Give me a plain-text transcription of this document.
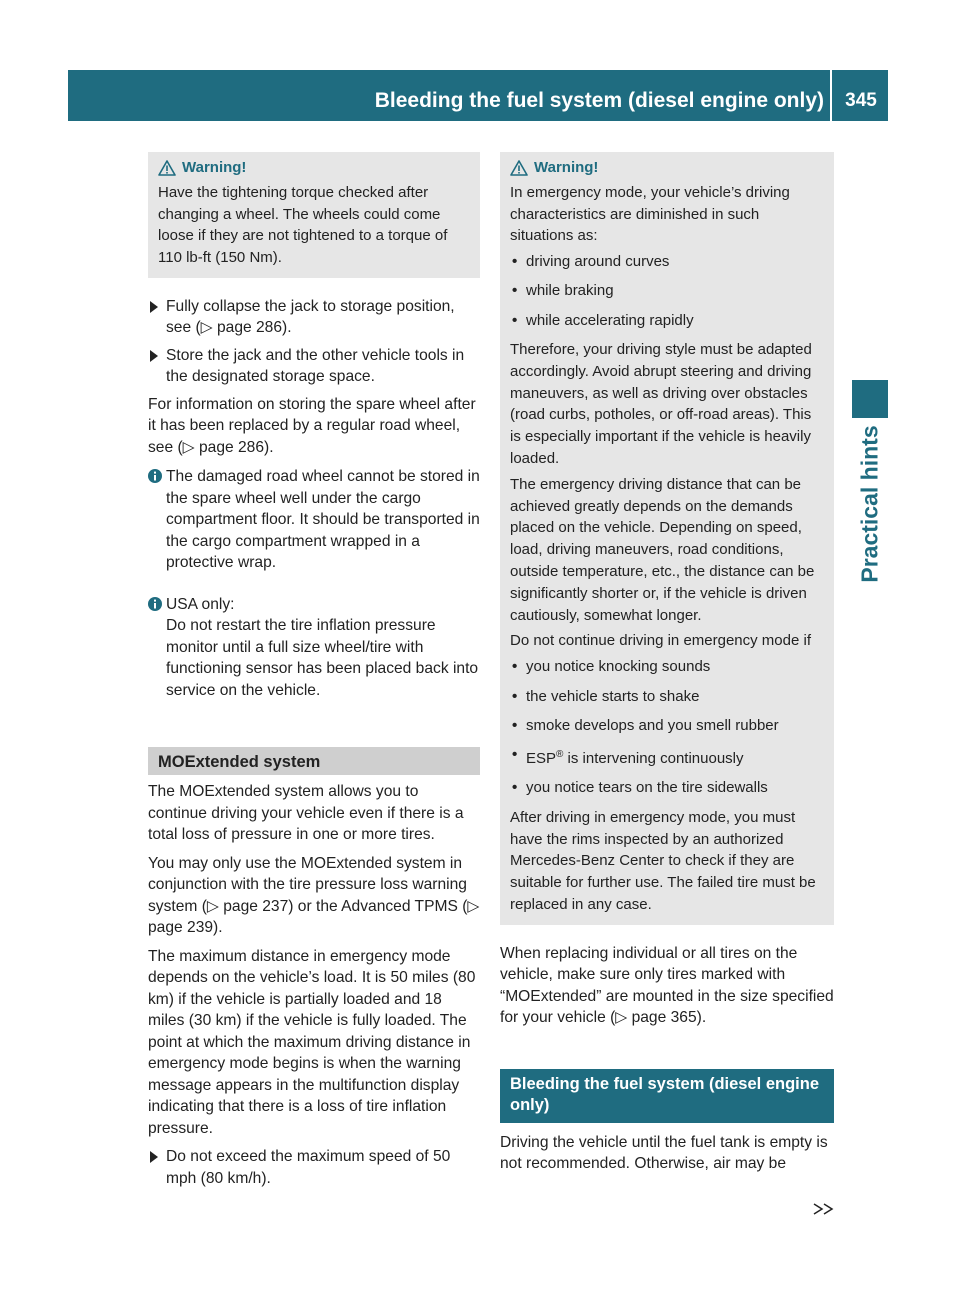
Bleeding the fuel system (diesel engine only)	345
Practical hints
Warning!

Have the tightening torque checked after changing a wheel. The wheels could come loose if they are not tightened to a torque of 110 lb-ft (150 Nm).

Fully collapse the jack to storage position, see (▷ page 286).
Store the jack and the other vehicle tools in the designated storage space.

For information on storing the spare wheel after it has been replaced by a regular road wheel, see (▷ page 286).

The damaged road wheel cannot be stored in the spare wheel well under the cargo compartment floor. It should be transported in the cargo compartment wrapped in a protective wrap.
USA only:
Do not restart the tire inflation pressure monitor until a full size wheel/tire with functioning sensor has been placed back into service on the vehicle.
MOExtended system

The MOExtended system allows you to continue driving your vehicle even if there is a total loss of pressure in one or more tires.

You may only use the MOExtended system in conjunction with the tire pressure loss warning system (▷ page 237) or the Advanced TPMS (▷ page 239).

The maximum distance in emergency mode depends on the vehicle’s load. It is 50 miles (80 km) if the vehicle is partially loaded and 18 miles (30 km) if the vehicle is fully loaded. The point at which the maximum driving distance in emergency mode begins is when the warning message appears in the multifunction display indicating that there is a loss of tire inflation pressure.

Do not exceed the maximum speed of 50 mph (80 km/h).
Warning!

In emergency mode, your vehicle’s driving characteristics are diminished in such situations as:

• driving around curves
• while braking
• while accelerating rapidly

Therefore, your driving style must be adapted accordingly. Avoid abrupt steering and driving maneuvers, as well as driving over obstacles (road curbs, potholes, or off-road areas). This is especially important if the vehicle is heavily loaded.

The emergency driving distance that can be achieved greatly depends on the demands placed on the vehicle. Depending on speed, load, driving maneuvers, road conditions, outside temperature, etc., the distance can be significantly shorter or, if the vehicle is driven cautiously, somewhat longer.

Do not continue driving in emergency mode if

• you notice knocking sounds
• the vehicle starts to shake
• smoke develops and you smell rubber
• ESP® is intervening continuously
• you notice tears on the tire sidewalls

After driving in emergency mode, you must have the rims inspected by an authorized Mercedes-Benz Center to check if they are suitable for further use. The failed tire must be replaced in any case.

When replacing individual or all tires on the vehicle, make sure only tires marked with “MOExtended” are mounted in the size specified for your vehicle (▷ page 365).

Bleeding the fuel system (diesel engine only)

Driving the vehicle until the fuel tank is empty is not recommended. Otherwise, air may be
